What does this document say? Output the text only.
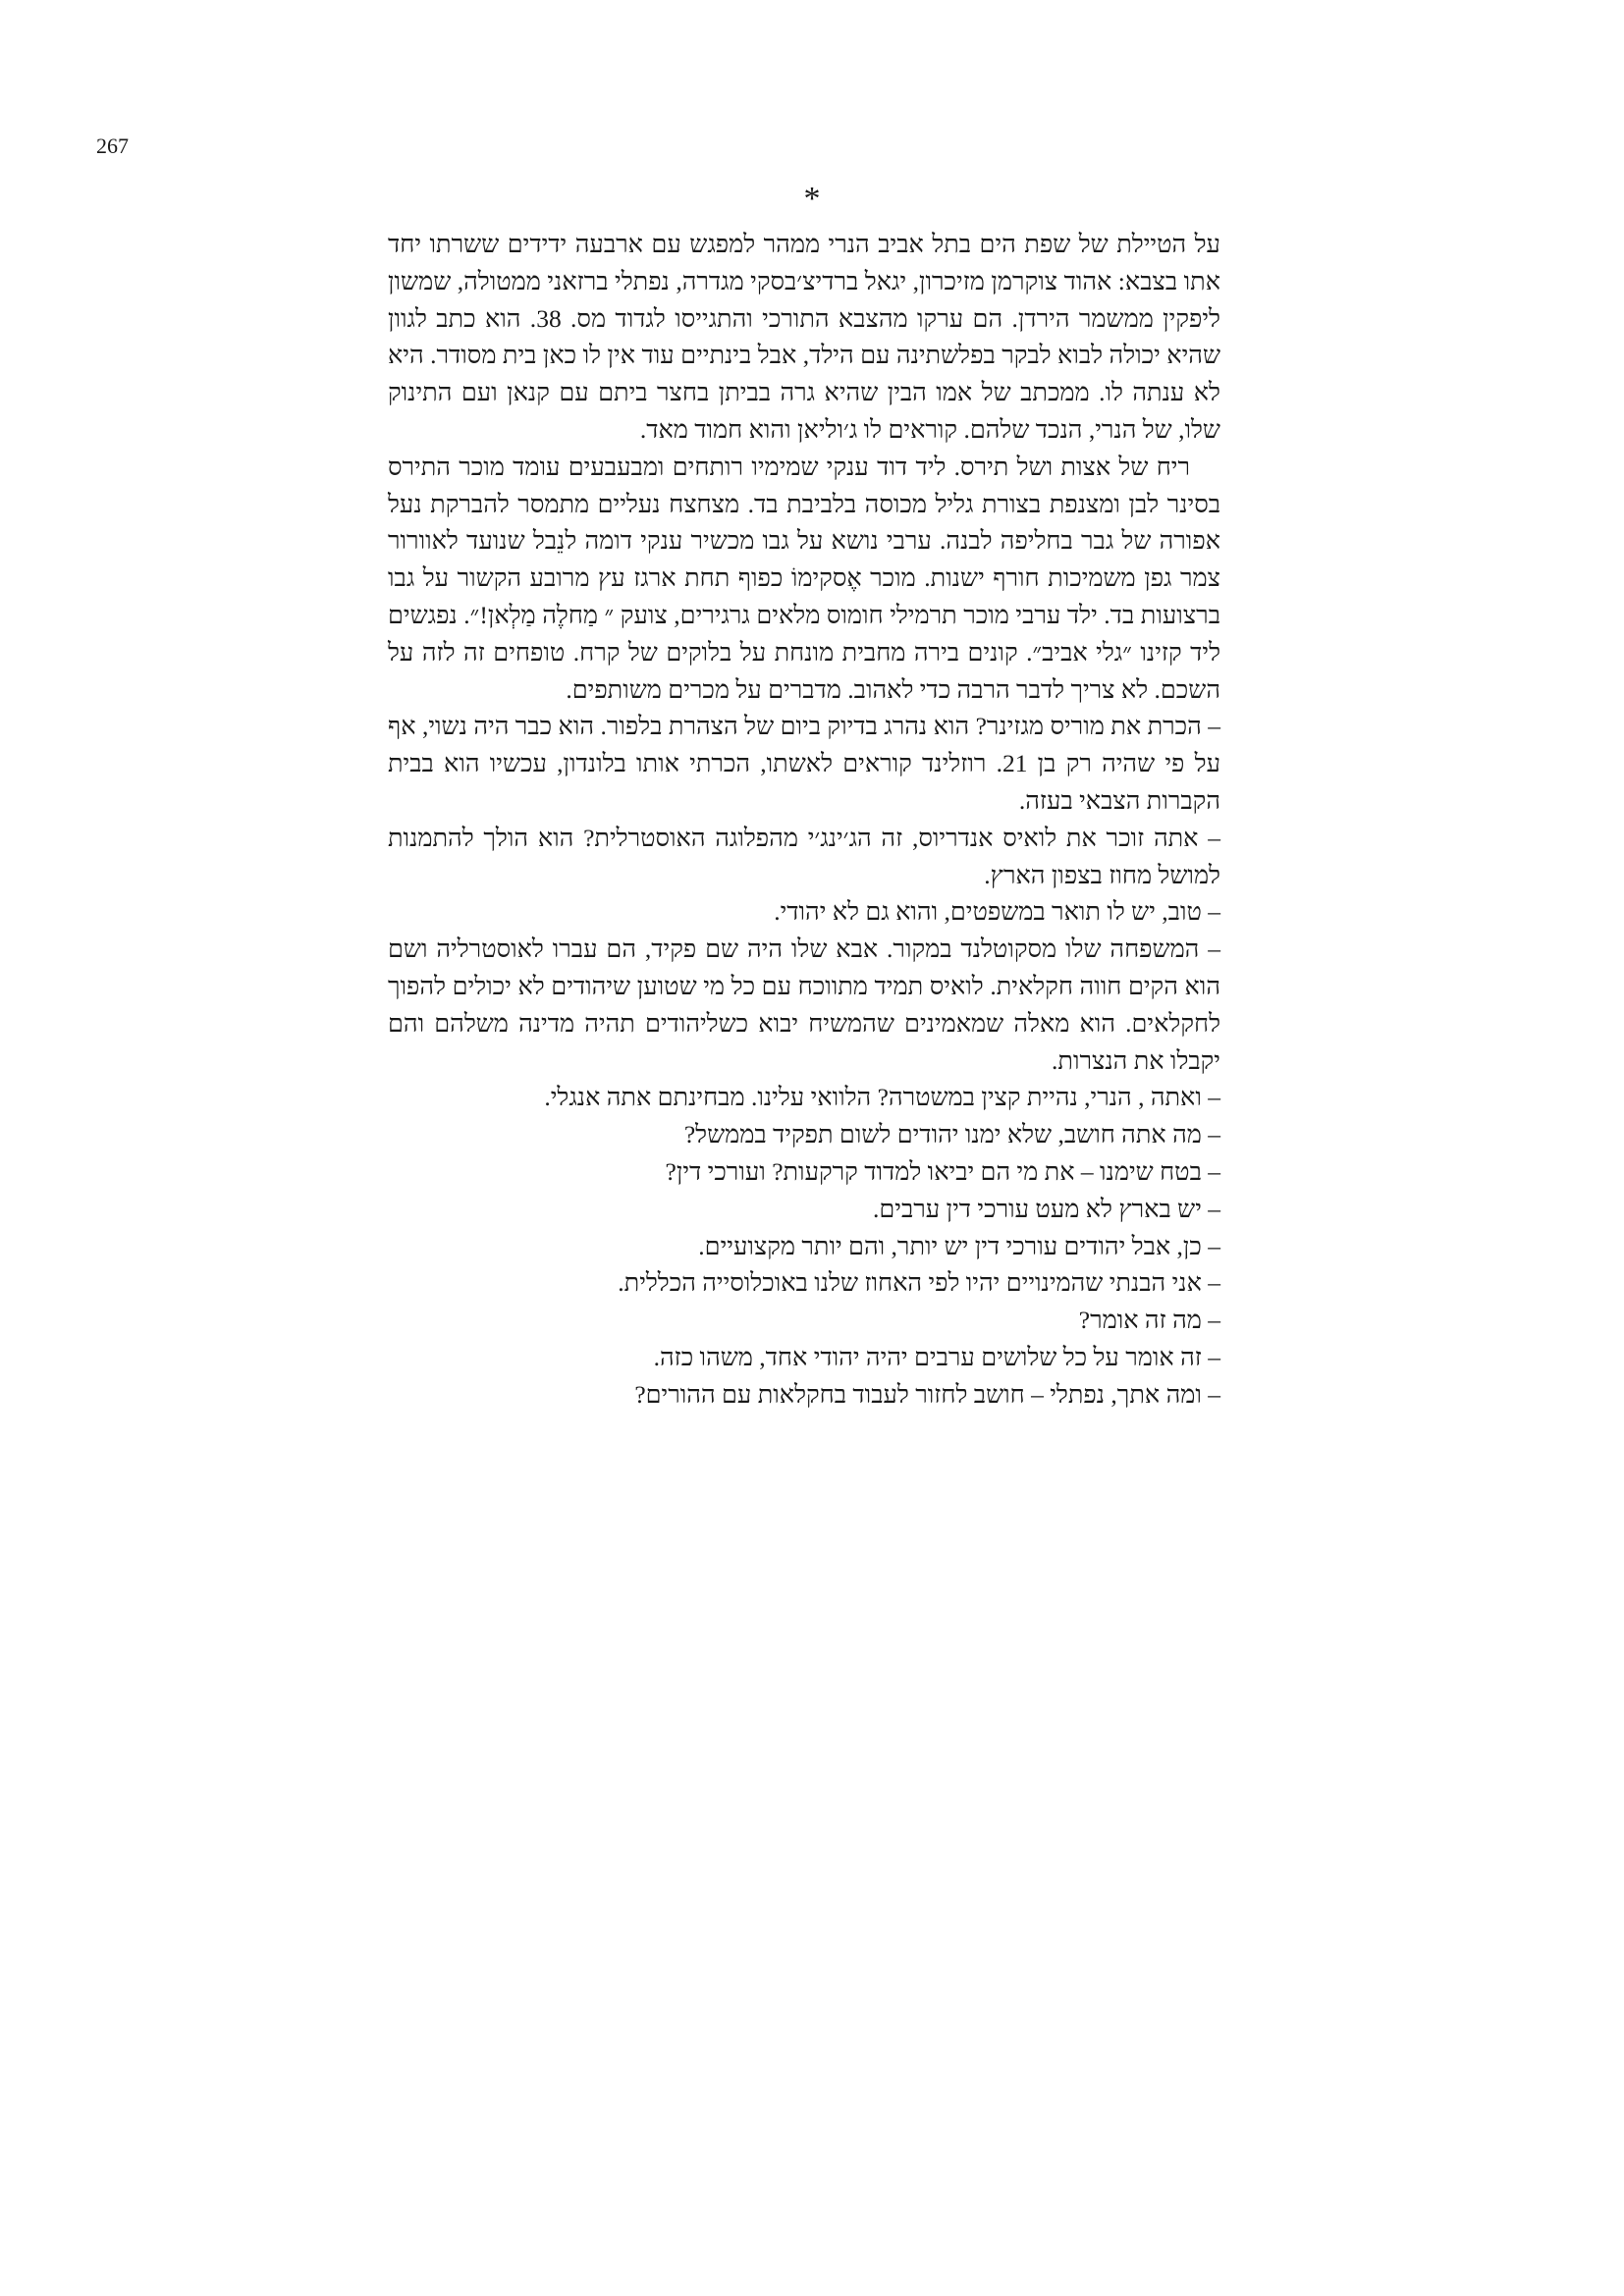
267
*

על הטיילת של שפת הים בתל אביב הנרי ממהר למפגש עם ארבעה ידידים ששרתו יחד אתו בצבא: אהוד צוקרמן מזיכרון, יגאל ברדיצ׳בסקי מגדרה, נפתלי ברזאני ממטולה, שמשון ליפקין ממשמר הירדן. הם ערקו מהצבא התורכי והתגייסו לגדוד מס. 38. הוא כתב לגוון שהיא יכולה לבוא לבקר בפלשתינה עם הילד, אבל בינתיים עוד אין לו כאן בית מסודר. היא לא ענתה לו. ממכתב של אמו הבין שהיא גרה בביתן בחצר ביתם עם קנאן ועם התינוק שלו, של הנרי, הנכד שלהם. קוראים לו ג׳וליאן והוא חמוד מאד.

ריח של אצות ושל תירס. ליד דוד ענקי שמימיו רותחים ומבעבעים עומד מוכר התירס בסינר לבן ומצנפת בצורת גליל מכוסה בלביבת בד. מצחצח נעליים מתמסר להברקת נעל אפורה של גבר בחליפה לבנה. ערבי נושא על גבו מכשיר ענקי דומה לנֵבל שנועד לאוורור צמר גפן משמיכות חורף ישנות. מוכר אֶסקימוֹ כפוף תחת ארגז עץ מרובע הקשור על גבו ברצועות בד. ילד ערבי מוכר תרמילי חומוס מלאים גרגירים, צועק ״ מַחלֶה מַלְאן!״. נפגשים ליד קזינו ״גלי אביב״. קונים בירה מחבית מונחת על בלוקים של קרח. טופחים זה לזה על השכם. לא צריך לדבר הרבה כדי לאהוב. מדברים על מכרים משותפים.

– הכרת את מוריס מגזינר? הוא נהרג בדיוק ביום של הצהרת בלפור. הוא כבר היה נשוי, אף על פי שהיה רק בן 21. רוזלינד קוראים לאשתו, הכרתי אותו בלונדון, עכשיו הוא בבית הקברות הצבאי בעזה.

– אתה זוכר את לואיס אנדריוס, זה הג׳ינג׳י מהפלוגה האוסטרלית? הוא הולך להתמנות למושל מחוז בצפון הארץ.

– טוב, יש לו תואר במשפטים, והוא גם לא יהודי.

– המשפחה שלו מסקוטלנד במקור. אבא שלו היה שם פקיד, הם עברו לאוסטרליה ושם הוא הקים חווה חקלאית. לואיס תמיד מתווכח עם כל מי שטוען שיהודים לא יכולים להפוך לחקלאים. הוא מאלה שמאמינים שהמשיח יבוא כשליהודים תהיה מדינה משלהם והם יקבלו את הנצרות.

– ואתה , הנרי, נהיית קצין במשטרה? הלוואי עלינו. מבחינתם אתה אנגלי.

– מה אתה חושב, שלא ימנו יהודים לשום תפקיד בממשל?

– בטח שימנו – את מי הם יביאו למדוד קרקעות? ועורכי דין?

– יש בארץ לא מעט עורכי דין ערבים.

– כן, אבל יהודים עורכי דין יש יותר, והם יותר מקצועיים.

– אני הבנתי שהמינויים יהיו לפי האחוז שלנו באוכלוסייה הכללית.

– מה זה אומר?

– זה אומר על כל שלושים ערבים יהיה יהודי אחד, משהו כזה.

– ומה אתך, נפתלי – חושב לחזור לעבוד בחקלאות עם ההורים?
